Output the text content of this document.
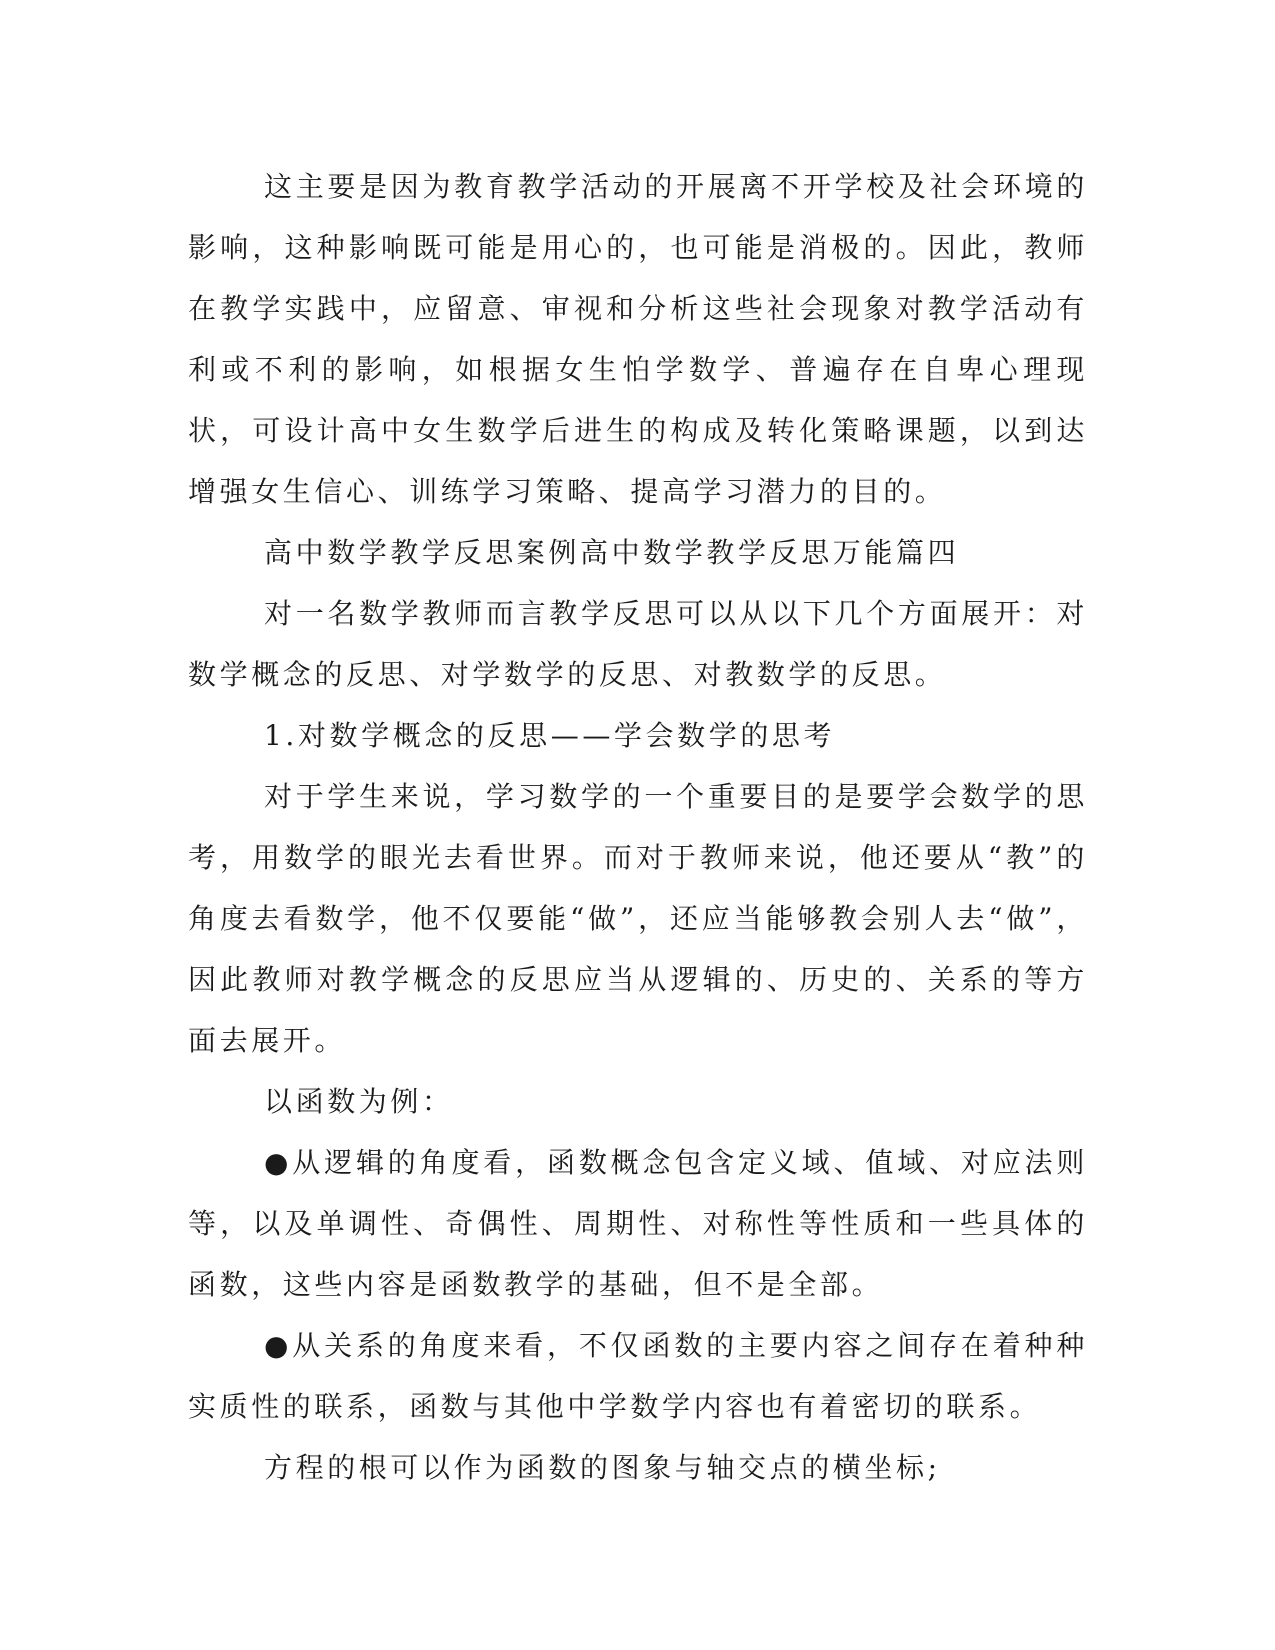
这主要是因为教育教学活动的开展离不开学校及社会环境的影响，这种影响既可能是用心的，也可能是消极的。因此，教师在教学实践中，应留意、审视和分析这些社会现象对教学活动有利或不利的影响，如根据女生怕学数学、普遍存在自卑心理现状，可设计高中女生数学后进生的构成及转化策略课题，以到达增强女生信心、训练学习策略、提高学习潜力的目的。

高中数学教学反思案例高中数学教学反思万能篇四

对一名数学教师而言教学反思可以从以下几个方面展开：对数学概念的反思、对学数学的反思、对教数学的反思。

1.对数学概念的反思——学会数学的思考

对于学生来说，学习数学的一个重要目的是要学会数学的思考，用数学的眼光去看世界。而对于教师来说，他还要从“教”的角度去看数学，他不仅要能“做”，还应当能够教会别人去“做”，因此教师对教学概念的反思应当从逻辑的、历史的、关系的等方面去展开。

以函数为例：

●从逻辑的角度看，函数概念包含定义域、值域、对应法则等，以及单调性、奇偶性、周期性、对称性等性质和一些具体的函数，这些内容是函数教学的基础，但不是全部。

●从关系的角度来看，不仅函数的主要内容之间存在着种种实质性的联系，函数与其他中学数学内容也有着密切的联系。

方程的根可以作为函数的图象与轴交点的横坐标;
